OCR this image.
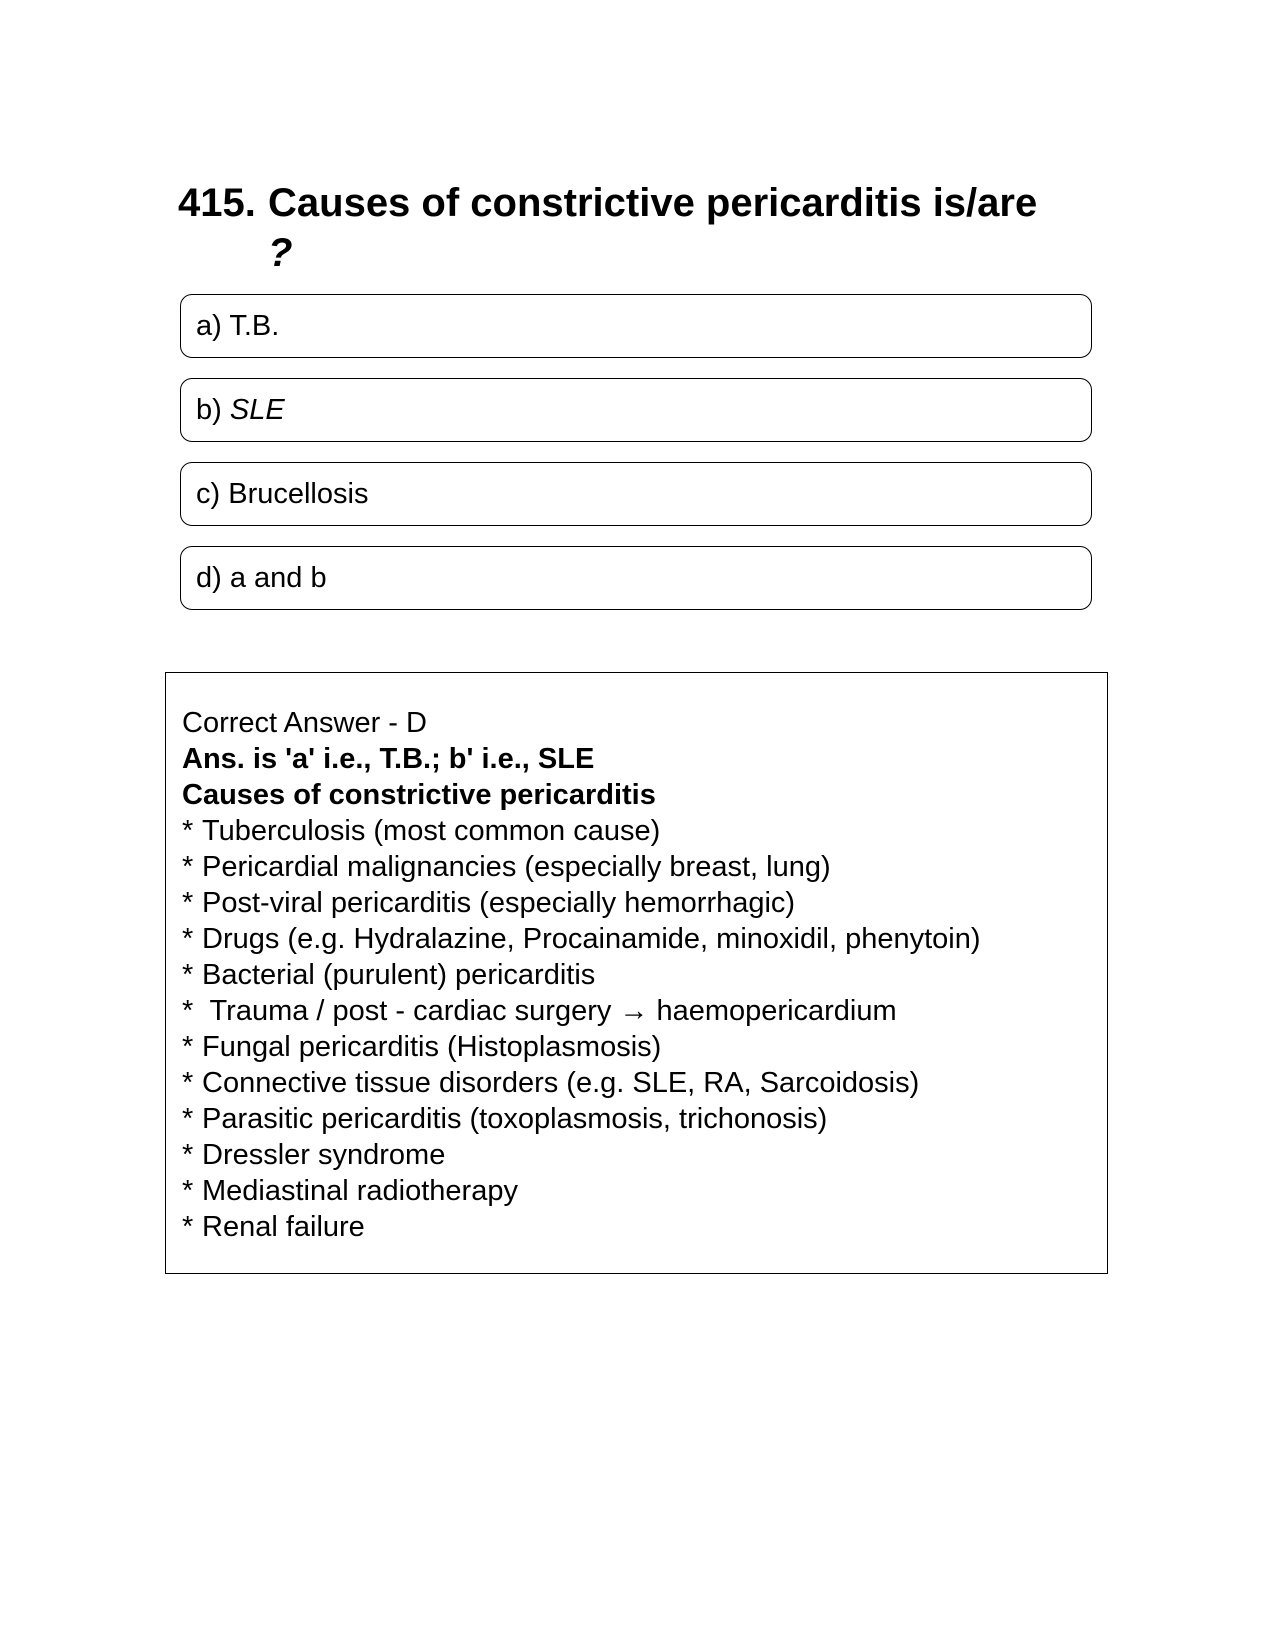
415. Causes of constrictive pericarditis is/are
?
a) T.B.
b) SLE
c) Brucellosis
d) a and b
Correct Answer - D
Ans. is 'a' i.e., T.B.; b' i.e., SLE
Causes of constrictive pericarditis
* Tuberculosis (most common cause)
* Pericardial malignancies (especially breast, lung)
* Post-viral pericarditis (especially hemorrhagic)
* Drugs (e.g. Hydralazine, Procainamide, minoxidil, phenytoin)
* Bacterial (purulent) pericarditis
* Trauma / post - cardiac surgery → haemopericardium
* Fungal pericarditis (Histoplasmosis)
* Connective tissue disorders (e.g. SLE, RA, Sarcoidosis)
* Parasitic pericarditis (toxoplasmosis, trichonosis)
* Dressler syndrome
* Mediastinal radiotherapy
* Renal failure
